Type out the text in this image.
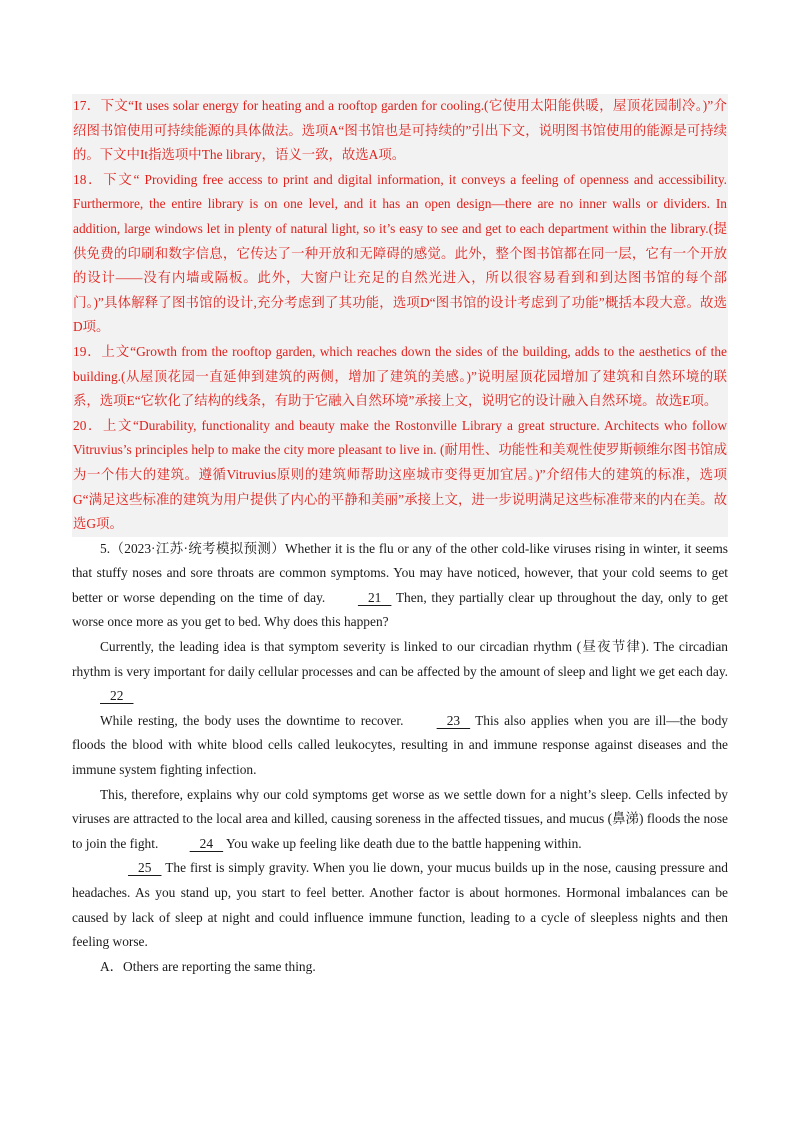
17．下文“It uses solar energy for heating and a rooftop garden for cooling.(它使用太阳能供暖，屋顶花园制冷。)”介绍图书馆使用可持续能源的具体做法。选项A“图书馆也是可持续的”引出下文，说明图书馆使用的能源是可持续的。下文中It指选项中The library，语义一致，故选A项。

18．下文“ Providing free access to print and digital information, it conveys a feeling of openness and accessibility. Furthermore, the entire library is on one level, and it has an open design—there are no inner walls or dividers. In addition, large windows let in plenty of natural light, so it’s easy to see and get to each department within the library.(提供免费的印刷和数字信息，它传达了一种开放和无障碍的感觉。此外，整个图书馆都在同一层，它有一个开放的设计——没有内墙或隔板。此外，大窗户让充足的自然光进入，所以很容易看到和到达图书馆的每个部门。)”具体解释了图书馆的设计,充分考虑到了其功能，选项D“图书馆的设计考虑到了功能”概括本段大意。故选D项。

19．上文“Growth from the rooftop garden, which reaches down the sides of the building, adds to the aesthetics of the building.(从屋顶花园一直延伸到建筑的两侧，增加了建筑的美感。)”说明屋顶花园增加了建筑和自然环境的联系，选项E“它软化了结构的线条，有助于它融入自然环境”承接上文，说明它的设计融入自然环境。故选E项。

20．上文“Durability, functionality and beauty make the Rostonville Library a great structure. Architects who follow Vitruvius’s principles help to make the city more pleasant to live in. (耐用性、功能性和美观性使罗斯顿维尔图书馆成为一个伟大的建筑。遵循Vitruvius原则的建筑师帮助这座城市变得更加宜居。)”介绍伟大的建筑的标准，选项G“满足这些标准的建筑为用户提供了内心的平静和美丽”承接上文，进一步说明满足这些标准带来的内在美。故选G项。

5.（2023·江苏·统考模拟预测）Whether it is the flu or any of the other cold-like viruses rising in winter, it seems that stuffy noses and sore throats are common symptoms. You may have noticed, however, that your cold seems to get better or worse depending on the time of day.    21    Then, they partially clear up throughout the day, only to get worse once more as you get to bed. Why does this happen?

Currently, the leading idea is that symptom severity is linked to our circadian rhythm (昼夜节律). The circadian rhythm is very important for daily cellular processes and can be affected by the amount of sleep and light we get each day.    22

While resting, the body uses the downtime to recover.    23    This also applies when you are ill—the body floods the blood with white blood cells called leukocytes, resulting in and immune response against diseases and the immune system fighting infection.

This, therefore, explains why our cold symptoms get worse as we settle down for a night’s sleep. Cells infected by viruses are attracted to the local area and killed, causing soreness in the affected tissues, and mucus (鼻涕) floods the nose to join the fight.    24    You wake up feeling like death due to the battle happening within.

25    The first is simply gravity. When you lie down, your mucus builds up in the nose, causing pressure and headaches. As you stand up, you start to feel better. Another factor is about hormones. Hormonal imbalances can be caused by lack of sleep at night and could influence immune function, leading to a cycle of sleepless nights and then feeling worse.

A．Others are reporting the same thing.
